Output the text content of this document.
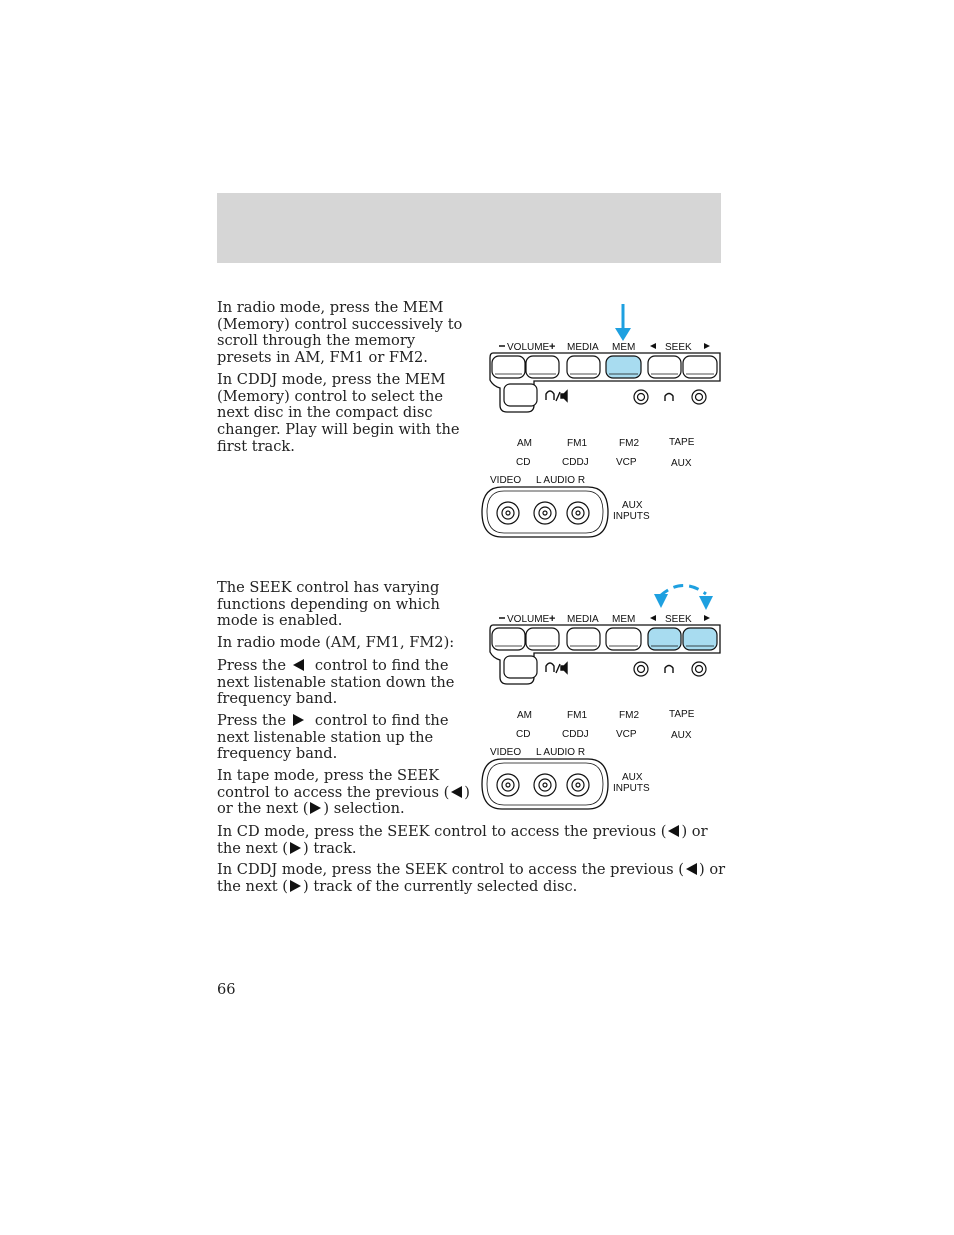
In radio mode, press the MEM (Memory) control successively to scroll through the memory presets in AM, FM1 or FM2.

In CDDJ mode, press the MEM (Memory) control to select the next disc in the compact disc changer. Play will begin with the first track.

VOLUME + MEDIA MEM	SEEK
AM
CD
FM1
CDDJ
FM2
VCP
TAPE
AUX
VIDEO L AUDIO R
AUX
INPUTS

The SEEK control has varying functions depending on which mode is enabled.

In radio mode (AM, FM1, FM2):

Press the control to find the next listenable station down the frequency band.

Press the control to find the next listenable station up the frequency band.

In tape mode, press the SEEK control to access the previous ( ) or the next ( ) selection.

In CD mode, press the SEEK control to access the previous ( ) or the next ( ) track.

In CDDJ mode, press the SEEK control to access the previous ( ) or the next ( ) track of the currently selected disc.

VOLUME + MEDIA MEM	SEEK
AM
CD
FM1
CDDJ
FM2
VCP
TAPE
AUX
VIDEO L AUDIO R
AUX
INPUTS
66
